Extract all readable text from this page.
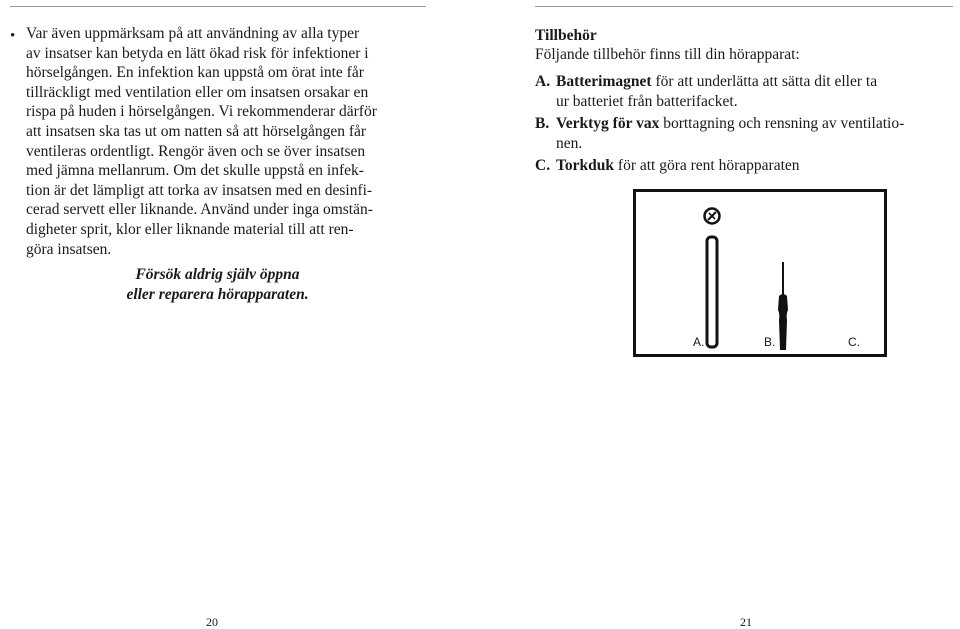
• Var även uppmärksam på att användning av alla typer
av insatser kan betyda en lätt ökad risk för infektioner i
hörselgången. En infektion kan uppstå om örat inte får
tillräckligt med ventilation eller om insatsen orsakar en
rispa på huden i hörselgången. Vi rekommenderar därför
att insatsen ska tas ut om natten så att hörselgången får
ventileras ordentligt. Rengör även och se över insatsen
med jämna mellanrum. Om det skulle uppstå en infek-
tion är det lämpligt att torka av insatsen med en desinfi-
cerad servett eller liknande. Använd under inga omstän-
digheter sprit, klor eller liknande material till att ren-
göra insatsen.
Försök aldrig själv öppna
eller reparera hörapparaten.
Tillbehör
Följande tillbehör finns till din hörapparat:
A. Batterimagnet för att underlätta att sätta dit eller ta
ur batteriet från batterifacket.
B. Verktyg för vax borttagning och rensning av ventilatio-
nen.
C. Torkduk för att göra rent hörapparaten
A.	B.	C.
20	21
